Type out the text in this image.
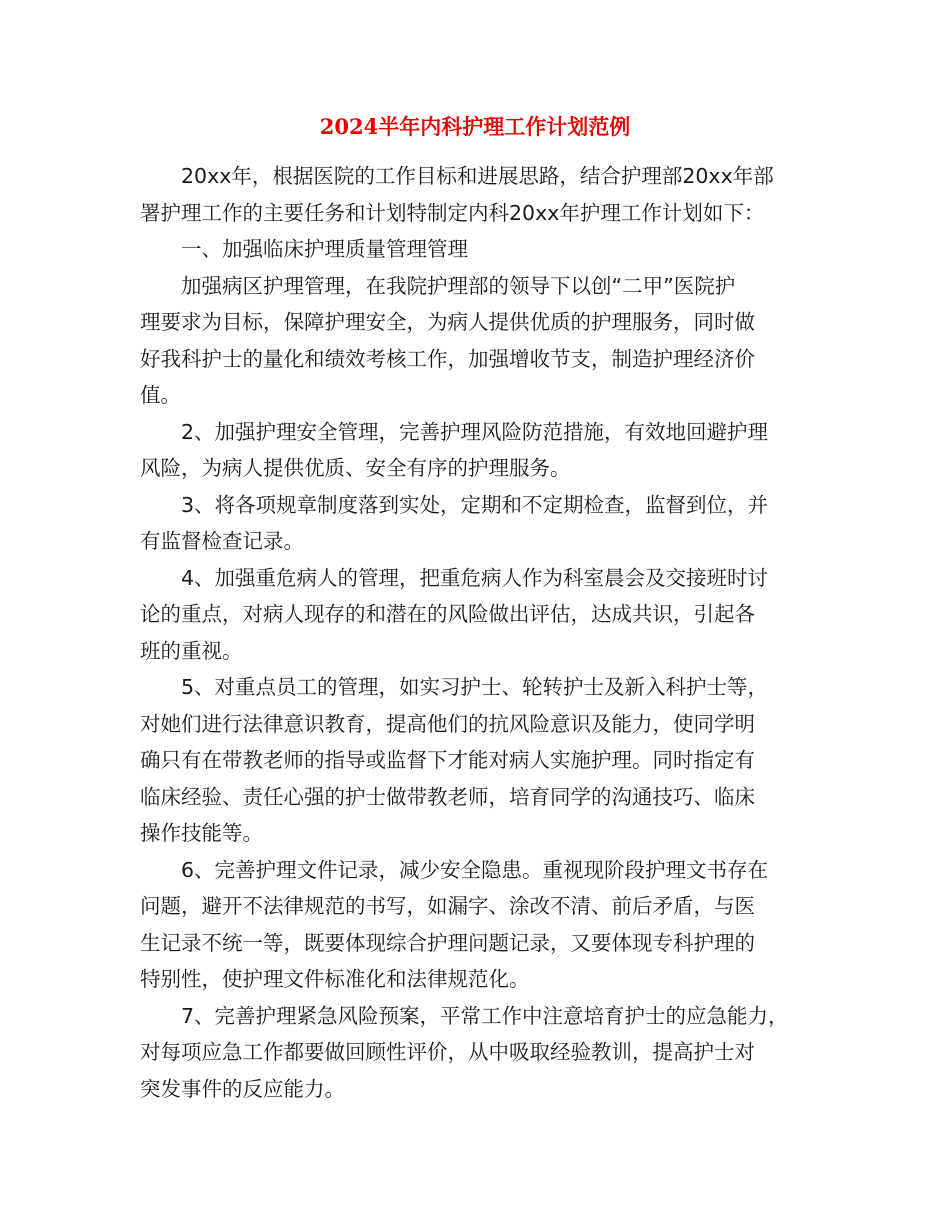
2024半年内科护理工作计划范例

20xx年，根据医院的工作目标和进展思路，结合护理部20xx年部
署护理工作的主要任务和计划特制定内科20xx年护理工作计划如下：

一、加强临床护理质量管理管理

加强病区护理管理，在我院护理部的领导下以创“二甲”医院护
理要求为目标，保障护理安全，为病人提供优质的护理服务，同时做
好我科护士的量化和绩效考核工作，加强增收节支，制造护理经济价
值。

2、加强护理安全管理，完善护理风险防范措施，有效地回避护理
风险，为病人提供优质、安全有序的护理服务。

3、将各项规章制度落到实处，定期和不定期检查，监督到位，并
有监督检查记录。

4、加强重危病人的管理，把重危病人作为科室晨会及交接班时讨
论的重点，对病人现存的和潜在的风险做出评估，达成共识，引起各
班的重视。

5、对重点员工的管理，如实习护士、轮转护士及新入科护士等，
对她们进行法律意识教育，提高他们的抗风险意识及能力，使同学明
确只有在带教老师的指导或监督下才能对病人实施护理。同时指定有
临床经验、责任心强的护士做带教老师，培育同学的沟通技巧、临床
操作技能等。

6、完善护理文件记录，减少安全隐患。重视现阶段护理文书存在
问题，避开不法律规范的书写，如漏字、涂改不清、前后矛盾，与医
生记录不统一等，既要体现综合护理问题记录，又要体现专科护理的
特别性，使护理文件标准化和法律规范化。

7、完善护理紧急风险预案，平常工作中注意培育护士的应急能力，
对每项应急工作都要做回顾性评价，从中吸取经验教训，提高护士对
突发事件的反应能力。
